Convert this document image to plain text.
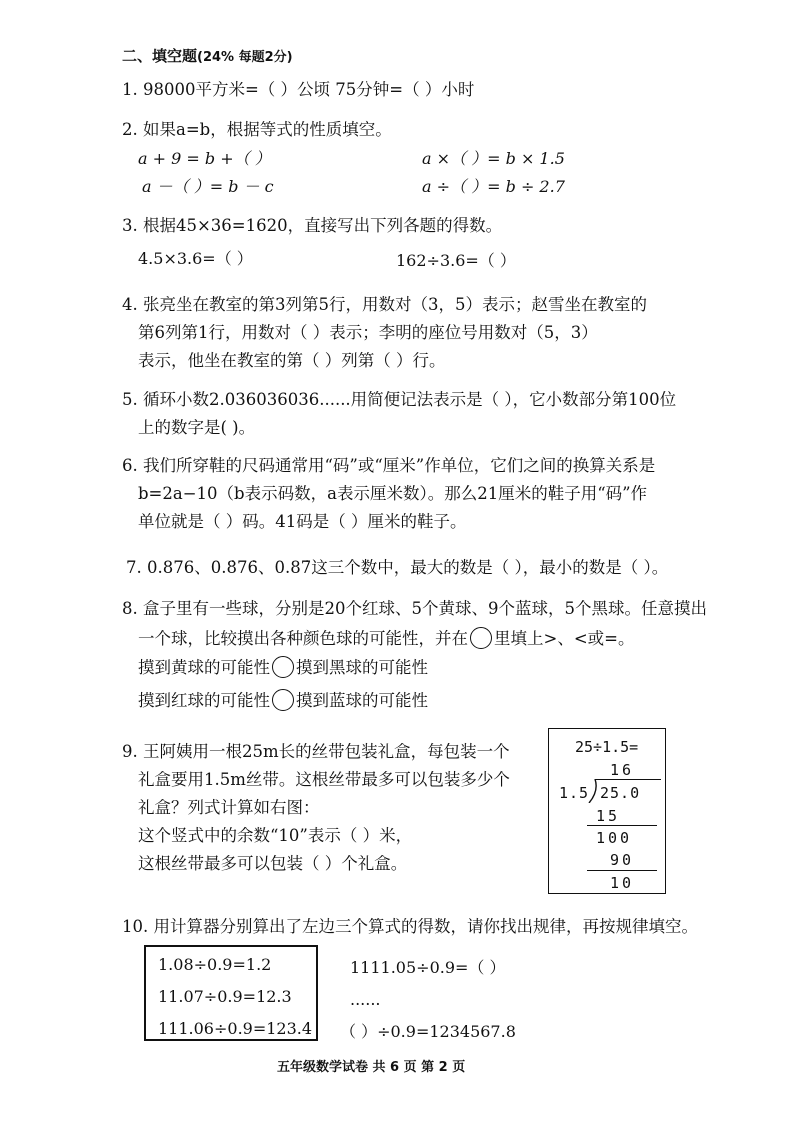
二、填空题(24% 每题2分)
1. 98000平方米=（ ）公顷 75分钟=（ ）小时
2. 如果a=b，根据等式的性质填空。
a + 9 = b +（ ）	a ×（ ）= b × 1.5
a －（ ）= b － c	a ÷（ ）= b ÷ 2.7
3. 根据45×36=1620，直接写出下列各题的得数。
4.5×3.6=（ ）	162÷3.6=（ ）
4. 张亮坐在教室的第3列第5行，用数对（3，5）表示；赵雪坐在教室的
第6列第1行，用数对（ ）表示；李明的座位号用数对（5，3）
表示，他坐在教室的第（ ）列第（ ）行。
5. 循环小数2.036036036......用简便记法表示是（ ），它小数部分第100位
上的数字是( )。
6. 我们所穿鞋的尺码通常用“码”或“厘米”作单位，它们之间的换算关系是
b=2a−10（b表示码数，a表示厘米数）。那么21厘米的鞋子用“码”作
单位就是（ ）码。41码是（ ）厘米的鞋子。
7. 0.876、0.8̇76̇、0.87̇这三个数中，最大的数是（ ），最小的数是（ ）。
8. 盒子里有一些球，分别是20个红球、5个黄球、9个蓝球，5个黑球。任意摸出
一个球，比较摸出各种颜色球的可能性，并在 里填上>、<或=。
摸到黄球的可能性 摸到黑球的可能性
摸到红球的可能性 摸到蓝球的可能性
9. 王阿姨用一根25m长的丝带包装礼盒，每包装一个
礼盒要用1.5m丝带。这根丝带最多可以包装多少个
礼盒？列式计算如右图：
这个竖式中的余数“10”表示（ ）米，
这根丝带最多可以包装（ ）个礼盒。
25÷1.5=
16
1.5 25.0
15
100
90
10
10. 用计算器分别算出了左边三个算式的得数，请你找出规律，再按规律填空。
1.08÷0.9=1.2
11.07÷0.9=12.3
111.06÷0.9=123.4
1111.05÷0.9=（ ）
......
（ ）÷0.9=1234567.8
五年级数学试卷 共 6 页 第 2 页
